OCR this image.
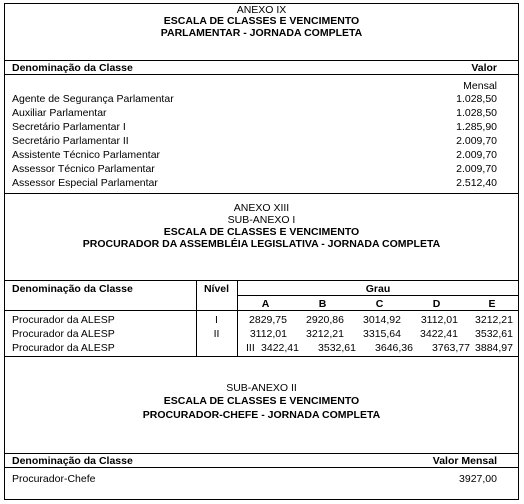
ANEXO IX
ESCALA DE CLASSES E VENCIMENTO
PARLAMENTAR - JORNADA COMPLETA
Denominação da Classe	Valor
Mensal
Agente de Segurança Parlamentar	1.028,50
Auxiliar Parlamentar	1.028,50
Secretário Parlamentar I	1.285,90
Secretário Parlamentar II	2.009,70
Assistente Técnico Parlamentar	2.009,70
Assessor Técnico Parlamentar	2.009,70
Assessor Especial Parlamentar	2.512,40
ANEXO XIII
SUB-ANEXO I
ESCALA DE CLASSES E VENCIMENTO
PROCURADOR DA ASSEMBLÉIA LEGISLATIVA - JORNADA COMPLETA
Denominação da Classe	Nível	Grau
A	B	C	D	E
Procurador da ALESP	I	2829,75	2920,86	3014,92	3112,01	3212,21
Procurador da ALESP	II	3112,01	3212,21	3315,64	3422,41	3532,61
Procurador da ALESP	III 3422,41	3532,61	3646,36	3763,77 3884,97
SUB-ANEXO II
ESCALA DE CLASSES E VENCIMENTO
PROCURADOR-CHEFE - JORNADA COMPLETA
Denominação da Classe	Valor Mensal
Procurador-Chefe	3927,00
